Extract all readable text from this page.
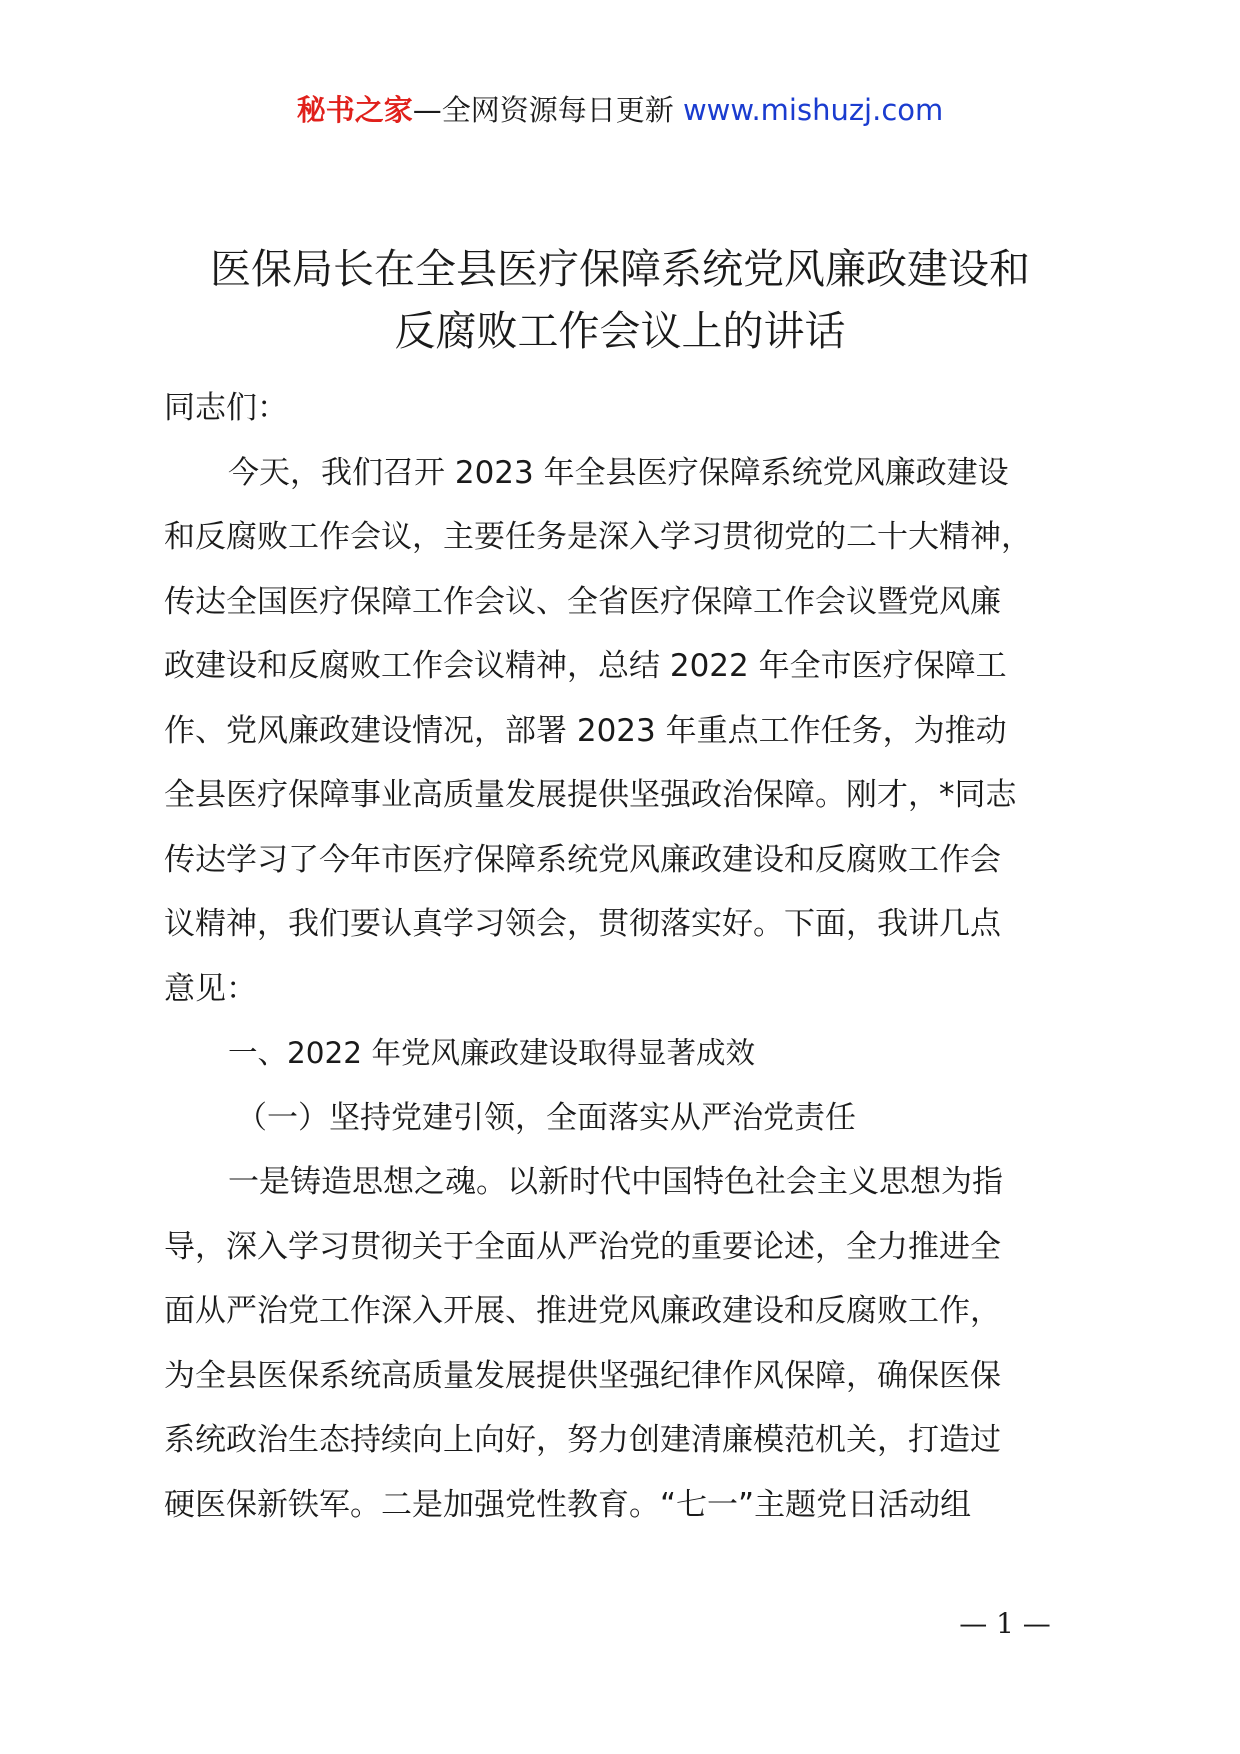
秘书之家—全网资源每日更新 www.mishuzj.com
医保局长在全县医疗保障系统党风廉政建设和
反腐败工作会议上的讲话
同志们：
今天，我们召开 2023 年全县医疗保障系统党风廉政建设
和反腐败工作会议，主要任务是深入学习贯彻党的二十大精神，
传达全国医疗保障工作会议、全省医疗保障工作会议暨党风廉
政建设和反腐败工作会议精神，总结 2022 年全市医疗保障工
作、党风廉政建设情况，部署 2023 年重点工作任务，为推动
全县医疗保障事业高质量发展提供坚强政治保障。刚才，*同志
传达学习了今年市医疗保障系统党风廉政建设和反腐败工作会
议精神，我们要认真学习领会，贯彻落实好。下面，我讲几点
意见：
一、2022 年党风廉政建设取得显著成效
（一）坚持党建引领，全面落实从严治党责任
一是铸造思想之魂。以新时代中国特色社会主义思想为指
导，深入学习贯彻关于全面从严治党的重要论述，全力推进全
面从严治党工作深入开展、推进党风廉政建设和反腐败工作，
为全县医保系统高质量发展提供坚强纪律作风保障，确保医保
系统政治生态持续向上向好，努力创建清廉模范机关，打造过
硬医保新铁军。二是加强党性教育。“七一”主题党日活动组
— 1 —
